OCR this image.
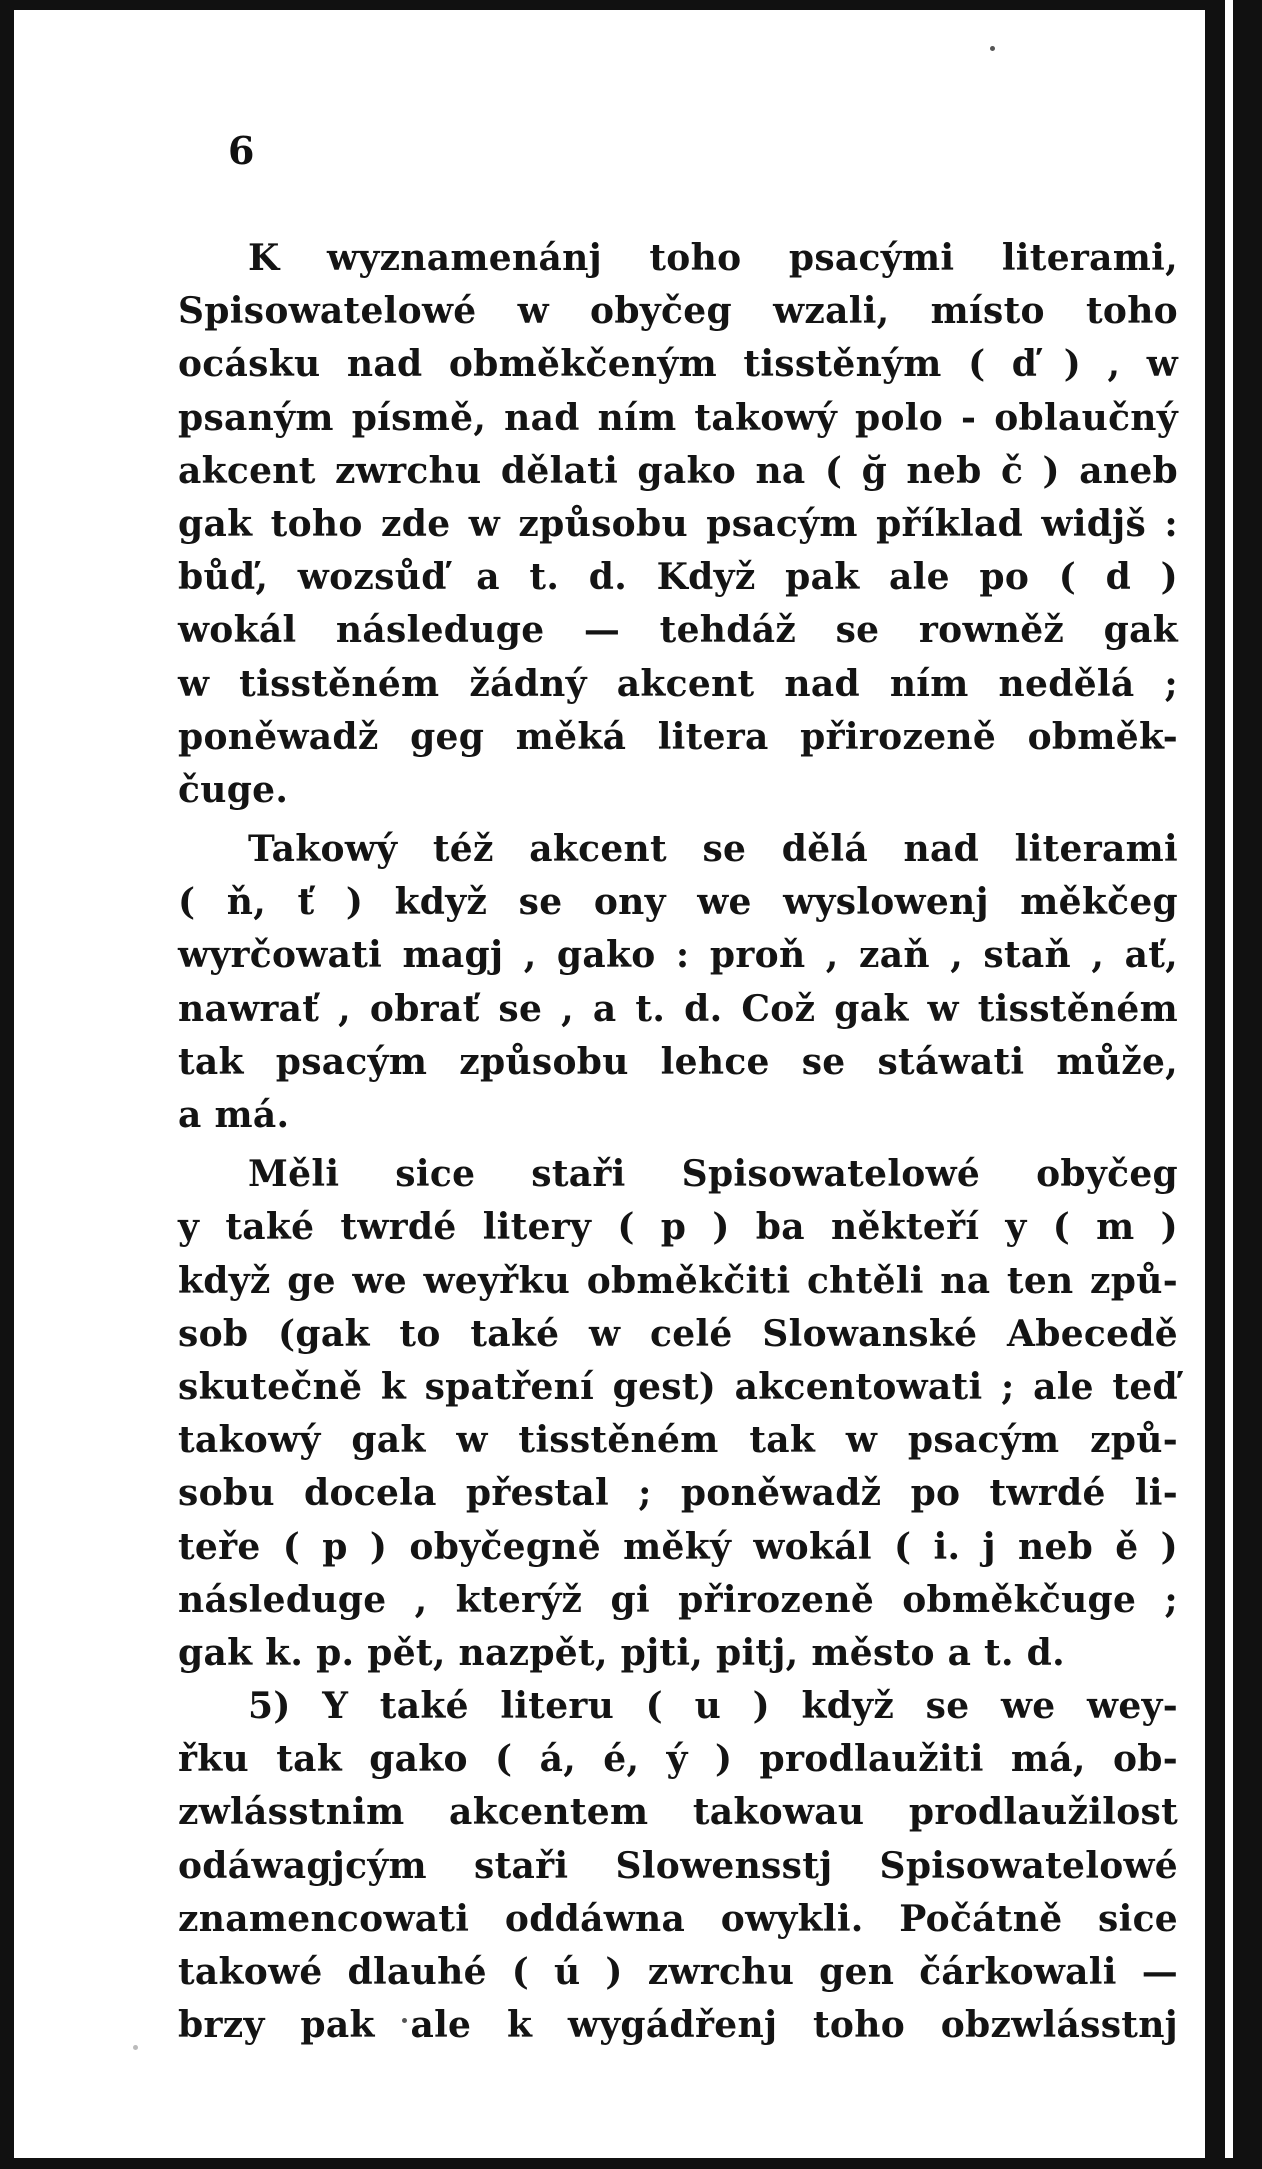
6
K wyznamenánj toho psacými literami,
Spisowatelowé w obyčeg wzali, místo toho
ocásku nad obměkčeným tisstěným ( ď ) , w
psaným písmě, nad ním takowý polo - oblaučný
akcent zwrchu dělati gako na ( ğ neb č ) aneb
gak toho zde w způsobu psacým příklad widjš :
bůď, wozsůď a t. d. Když pak ale po ( d )
wokál následuge — tehdáž se rowněž gak
w tisstěném žádný akcent nad ním nedělá ;
poněwadž geg měká litera přirozeně obměk-
čuge.
Takowý též akcent se dělá nad literami
( ň, ť ) když se ony we wyslowenj měkčeg
wyrčowati magj , gako : proň , zaň , staň , ať,
nawrať , obrať se , a t. d. Což gak w tisstěném
tak psacým způsobu lehce se stáwati může,
a má.
Měli sice staři Spisowatelowé obyčeg
y také twrdé litery ( p ) ba někteří y ( m )
když ge we weyřku obměkčiti chtěli na ten způ-
sob (gak to také w celé Slowanské Abecedě
skutečně k spatření gest) akcentowati ; ale teď
takowý gak w tisstěném tak w psacým způ-
sobu docela přestal ; poněwadž po twrdé li-
teře ( p ) obyčegně měký wokál ( i. j neb ě )
následuge , kterýž gi přirozeně obměkčuge ;
gak k. p. pět, nazpět, pjti, pitj, město a t. d.
5) Y také literu ( u ) když se we wey-
řku tak gako ( á, é, ý ) prodlaužiti má, ob-
zwlásstnim akcentem takowau prodlaužilost
odáwagjcým staři Slowensstj Spisowatelowé
znamencowati oddáwna owykli. Počátně sice
takowé dlauhé ( ú ) zwrchu gen čárkowali —
brzy pak ale k wygádřenj toho obzwlásstnj
